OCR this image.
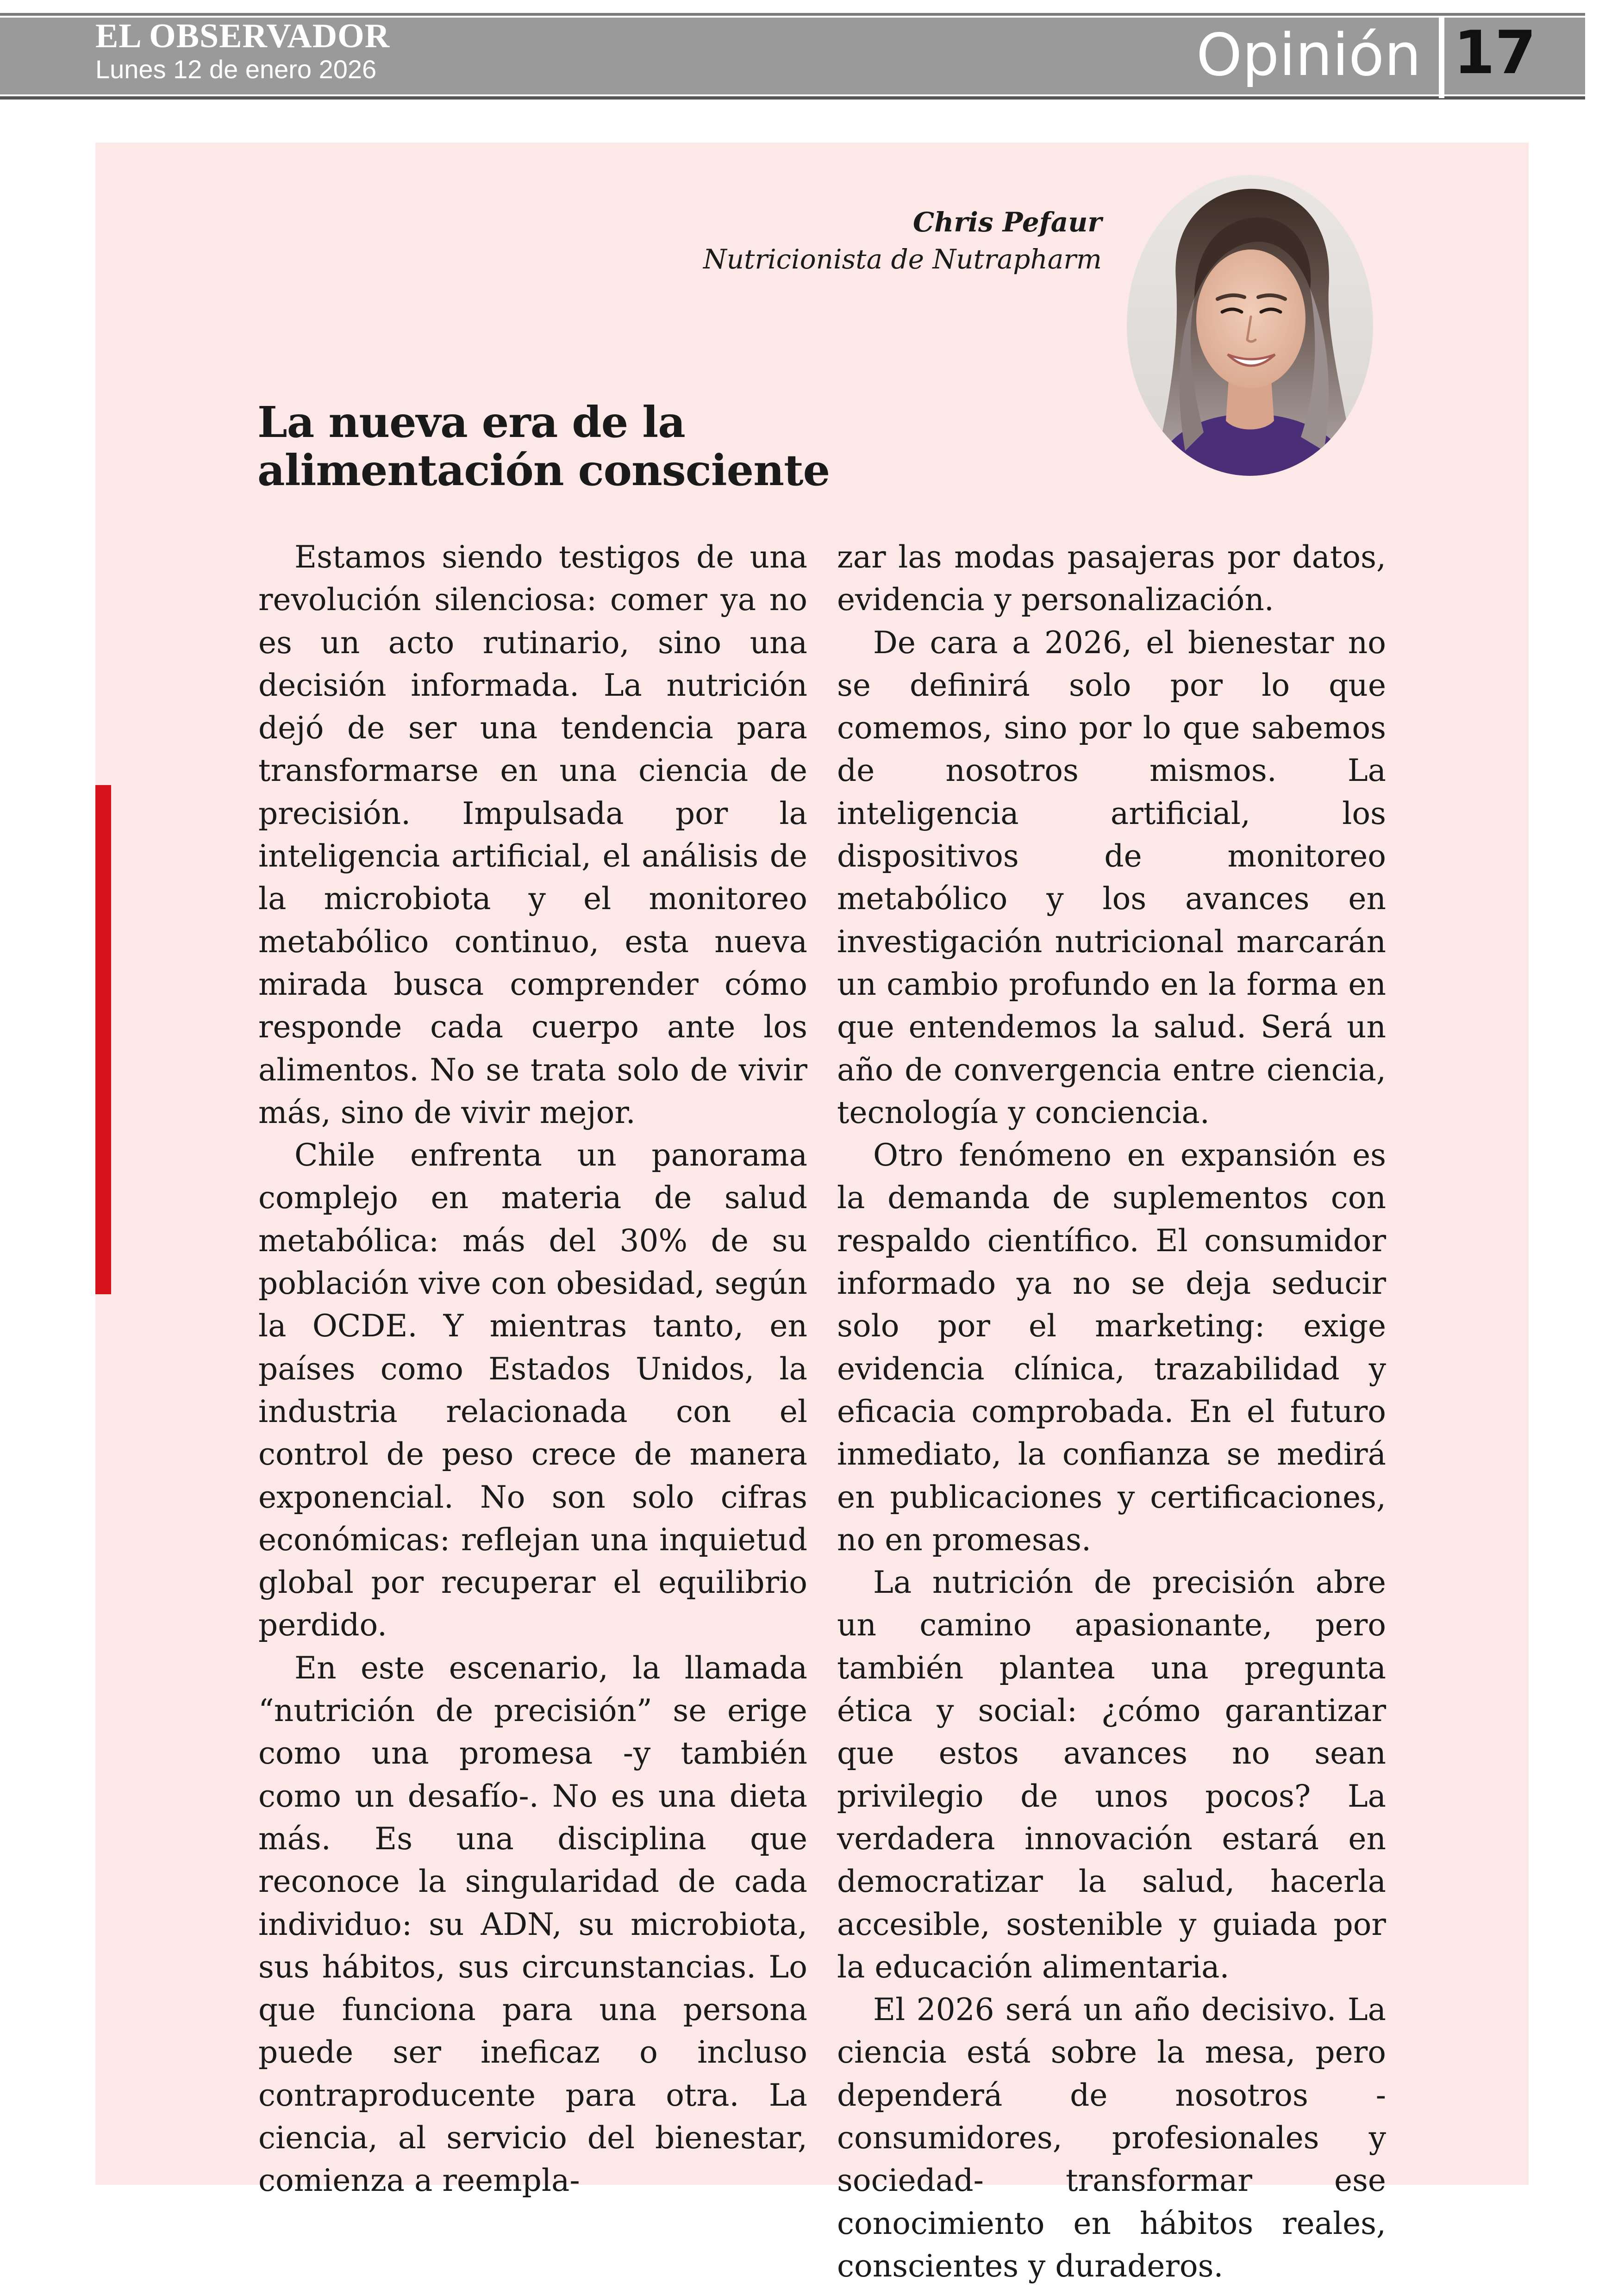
EL OBSERVADOR
Lunes 12 de enero 2026	Opinión 17
Chris Pefaur
Nutricionista de Nutrapharm
La nueva era de la
alimentación consciente

Estamos siendo testigos de una revolución silenciosa: comer ya no es un acto rutinario, sino una decisión informada. La nutrición dejó de ser una tendencia para transformarse en una ciencia de precisión. Impulsada por la inteligencia artificial, el análisis de la microbiota y el monitoreo metabólico continuo, esta nueva mirada busca comprender cómo responde cada cuerpo ante los alimentos. No se trata solo de vivir más, sino de vivir mejor.

Chile enfrenta un panorama complejo en materia de salud metabólica: más del 30% de su población vive con obesidad, según la OCDE. Y mientras tanto, en países como Estados Unidos, la industria relacionada con el control de peso crece de manera exponencial. No son solo cifras económicas: reflejan una inquietud global por recuperar el equilibrio perdido.

En este escenario, la llamada “nutrición de precisión” se erige como una promesa -y también como un desafío-. No es una dieta más. Es una disciplina que reconoce la singularidad de cada individuo: su ADN, su microbiota, sus hábitos, sus circunstancias. Lo que funciona para una persona puede ser ineficaz o incluso contraproducente para otra. La ciencia, al servicio del bienestar, comienza a reempla-

zar las modas pasajeras por datos, evidencia y personalización.

De cara a 2026, el bienestar no se definirá solo por lo que comemos, sino por lo que sabemos de nosotros mismos. La inteligencia artificial, los dispositivos de monitoreo metabólico y los avances en investigación nutricional marcarán un cambio profundo en la forma en que entendemos la salud. Será un año de convergencia entre ciencia, tecnología y conciencia.

Otro fenómeno en expansión es la demanda de suplementos con respaldo científico. El consumidor informado ya no se deja seducir solo por el marketing: exige evidencia clínica, trazabilidad y eficacia comprobada. En el futuro inmediato, la confianza se medirá en publicaciones y certificaciones, no en promesas.

La nutrición de precisión abre un camino apasionante, pero también plantea una pregunta ética y social: ¿cómo garantizar que estos avances no sean privilegio de unos pocos? La verdadera innovación estará en democratizar la salud, hacerla accesible, sostenible y guiada por la educación alimentaria.

El 2026 será un año decisivo. La ciencia está sobre la mesa, pero dependerá de nosotros -consumidores, profesionales y sociedad- transformar ese conocimiento en hábitos reales, conscientes y duraderos.
